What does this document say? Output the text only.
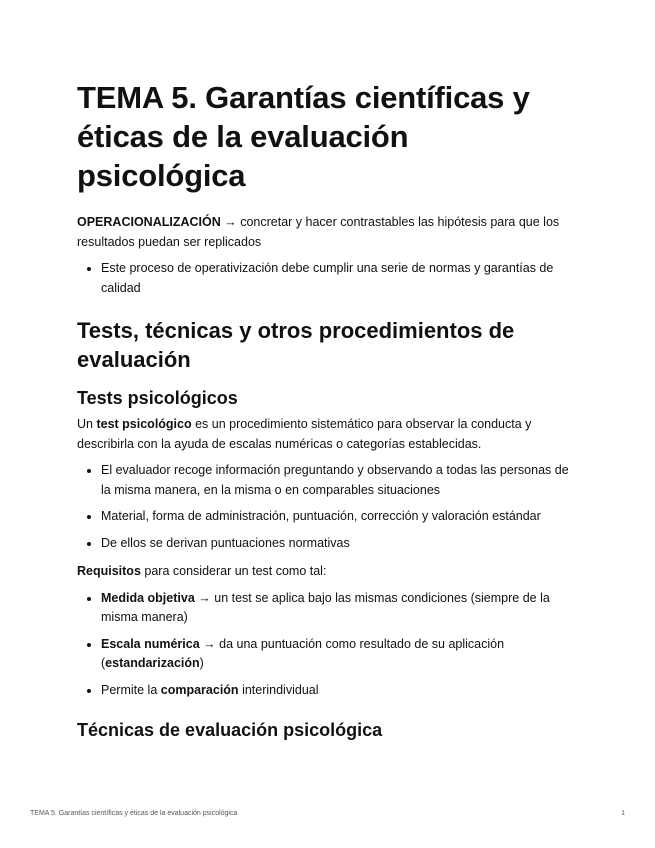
TEMA 5. Garantías científicas y éticas de la evaluación psicológica

OPERACIONALIZACIÓN → concretar y hacer contrastables las hipótesis para que los resultados puedan ser replicados

• Este proceso de operativización debe cumplir una serie de normas y garantías de calidad
Tests, técnicas y otros procedimientos de evaluación
Tests psicológicos

Un test psicológico es un procedimiento sistemático para observar la conducta y describirla con la ayuda de escalas numéricas o categorías establecidas.

• El evaluador recoge información preguntando y observando a todas las personas de la misma manera, en la misma o en comparables situaciones
• Material, forma de administración, puntuación, corrección y valoración estándar
• De ellos se derivan puntuaciones normativas

Requisitos para considerar un test como tal:

• Medida objetiva → un test se aplica bajo las mismas condiciones (siempre de la misma manera)
• Escala numérica → da una puntuación como resultado de su aplicación (estandarización)
• Permite la comparación interindividual
Técnicas de evaluación psicológica
TEMA 5. Garantías científicas y éticas de la evaluación psicológica	1
